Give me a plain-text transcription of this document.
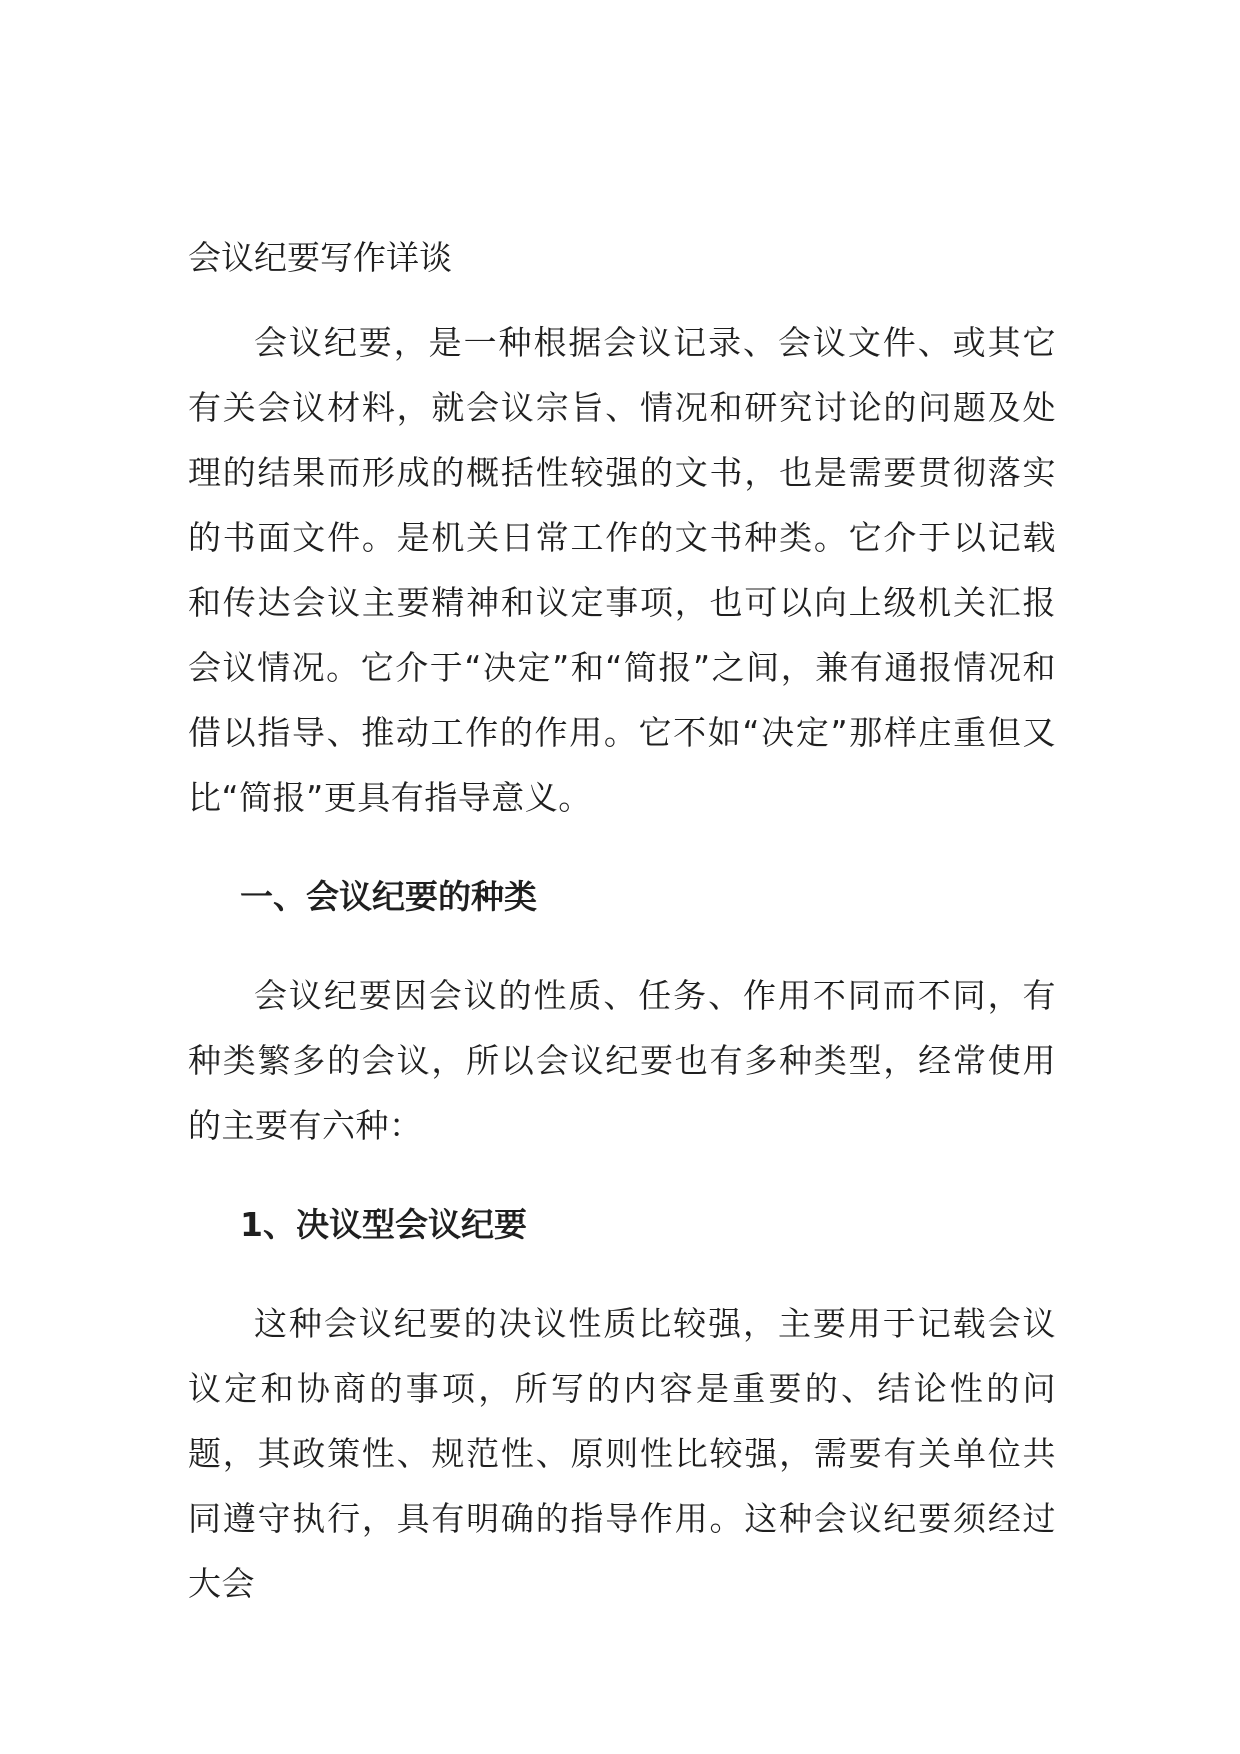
会议纪要写作详谈

会议纪要，是一种根据会议记录、会议文件、或其它有关会议材料，就会议宗旨、情况和研究讨论的问题及处理的结果而形成的概括性较强的文书，也是需要贯彻落实的书面文件。是机关日常工作的文书种类。它介于以记载和传达会议主要精神和议定事项，也可以向上级机关汇报会议情况。它介于“决定”和“简报”之间，兼有通报情况和借以指导、推动工作的作用。它不如“决定”那样庄重但又比“简报”更具有指导意义。

一、会议纪要的种类

会议纪要因会议的性质、任务、作用不同而不同，有种类繁多的会议，所以会议纪要也有多种类型，经常使用的主要有六种：

1、决议型会议纪要

这种会议纪要的决议性质比较强，主要用于记载会议议定和协商的事项，所写的内容是重要的、结论性的问题，其政策性、规范性、原则性比较强，需要有关单位共同遵守执行，具有明确的指导作用。这种会议纪要须经过大会
